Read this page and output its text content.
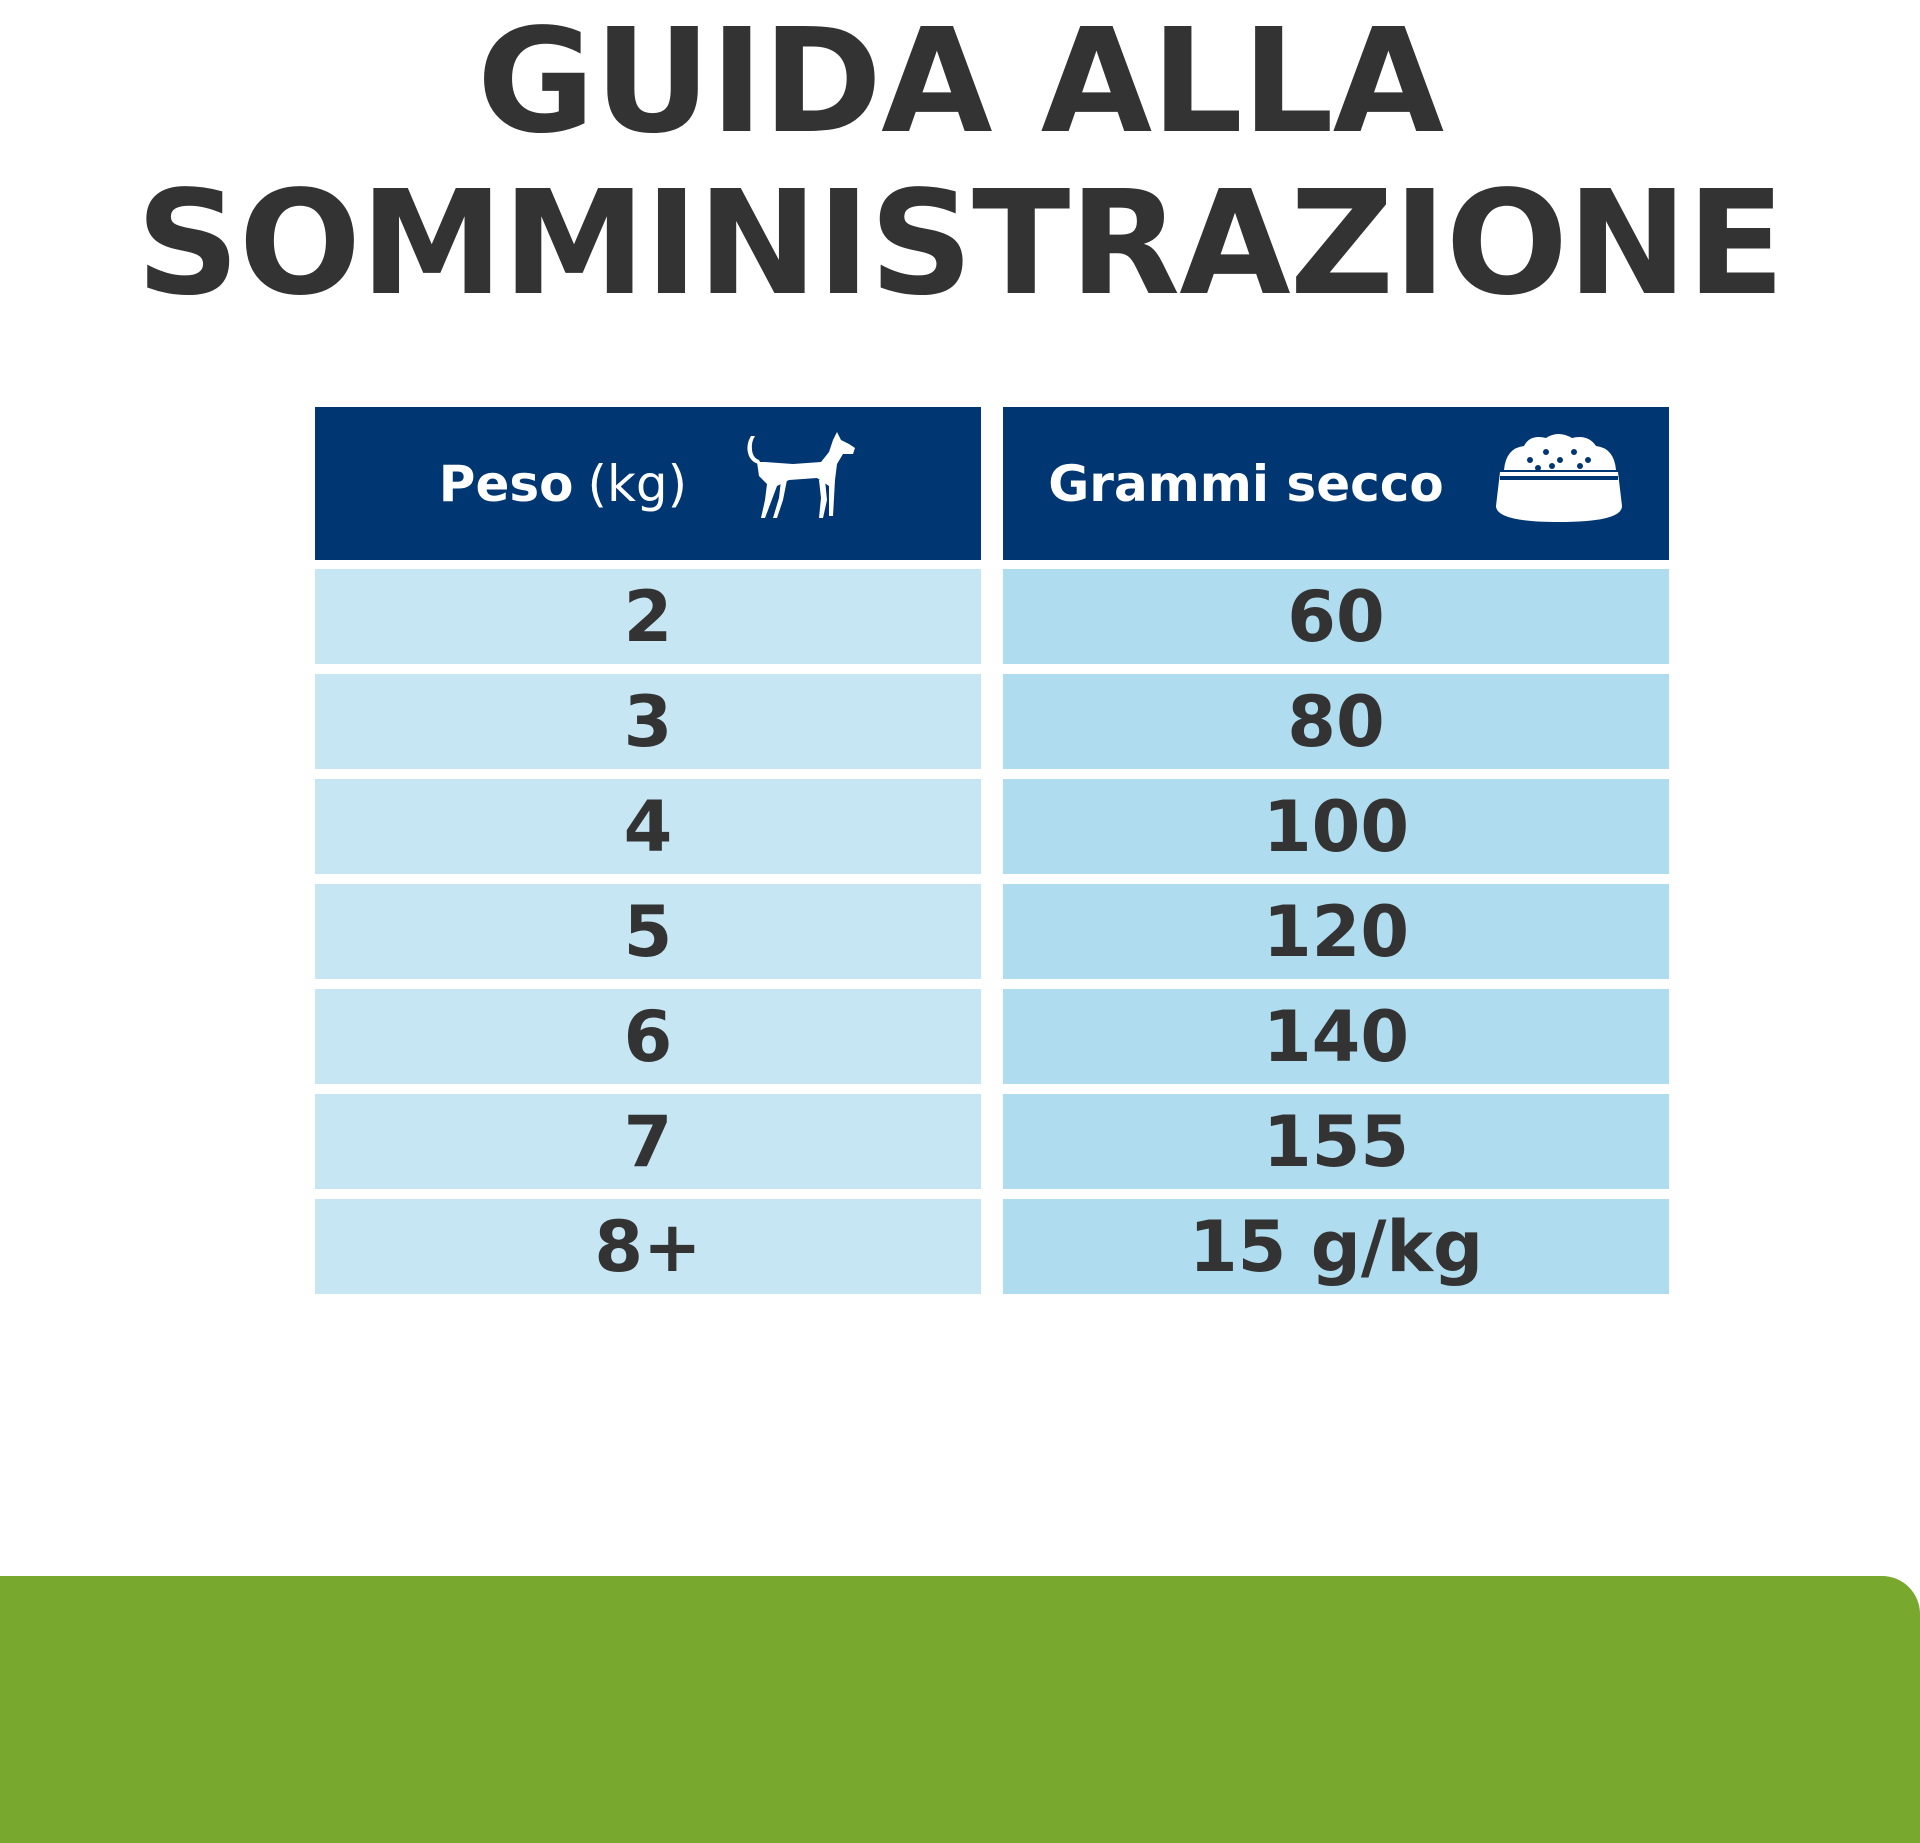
GUIDA ALLA
SOMMINISTRAZIONE
Peso (kg)	Grammi secco
2	60
3	80
4	100
5	120
6	140
7	155
8+	15 g/kg
